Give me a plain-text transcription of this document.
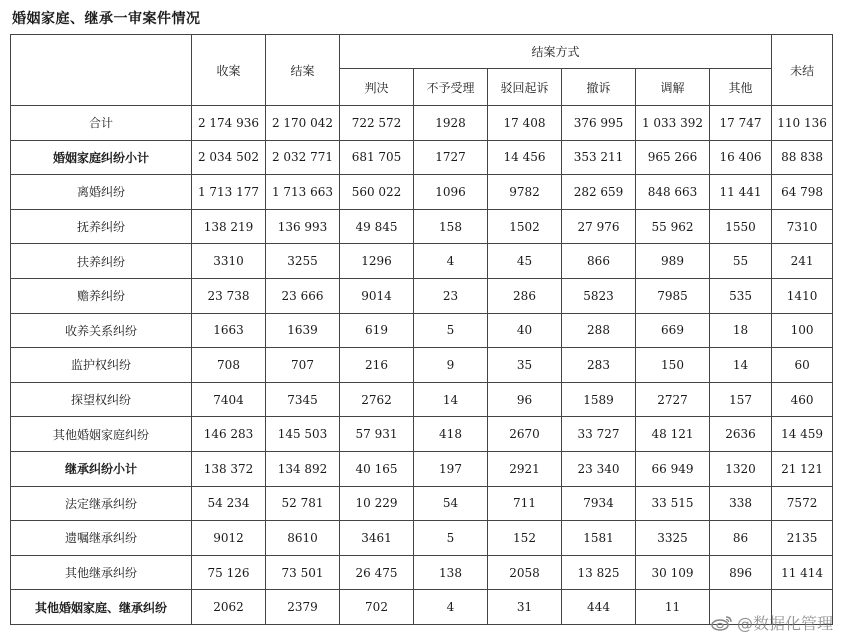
婚姻家庭、继承一审案件情况
	收案	结案	结案方式						未结
			判决	不予受理	驳回起诉	撤诉	调解	其他	
合计	2 174 936	2 170 042	722 572	1928	17 408	376 995	1 033 392	17 747	110 136
婚姻家庭纠纷小计	2 034 502	2 032 771	681 705	1727	14 456	353 211	965 266	16 406	88 838
离婚纠纷	1 713 177	1 713 663	560 022	1096	9782	282 659	848 663	11 441	64 798
抚养纠纷	138 219	136 993	49 845	158	1502	27 976	55 962	1550	7310
扶养纠纷	3310	3255	1296	4	45	866	989	55	241
赡养纠纷	23 738	23 666	9014	23	286	5823	7985	535	1410
收养关系纠纷	1663	1639	619	5	40	288	669	18	100
监护权纠纷	708	707	216	9	35	283	150	14	60
探望权纠纷	7404	7345	2762	14	96	1589	2727	157	460
其他婚姻家庭纠纷	146 283	145 503	57 931	418	2670	33 727	48 121	2636	14 459
继承纠纷小计	138 372	134 892	40 165	197	2921	23 340	66 949	1320	21 121
法定继承纠纷	54 234	52 781	10 229	54	711	7934	33 515	338	7572
遗嘱继承纠纷	9012	8610	3461	5	152	1581	3325	86	2135
其他继承纠纷	75 126	73 501	26 475	138	2058	13 825	30 109	896	11 414
其他婚姻家庭、继承纠纷	2062	2379	702	4	31	444	11		
@数据化管理
